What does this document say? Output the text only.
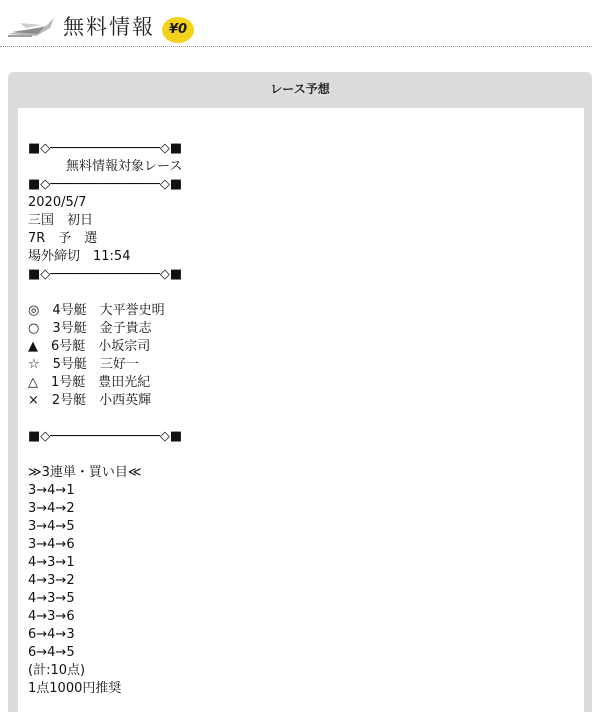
無料情報	¥0
レース予想
■◇──────────────◇■
無料情報対象レース
■◇──────────────◇■
2020/5/7
三国　初日
7R　予　選
場外締切　11:54
■◇──────────────◇■
◎　4号艇　大平誉史明
○　3号艇　金子貴志
▲　6号艇　小坂宗司
☆　5号艇　三好一
△　1号艇　豊田光紀
×　2号艇　小西英輝
■◇──────────────◇■
≫3連単・買い目≪
3→4→1
3→4→2
3→4→5
3→4→6
4→3→1
4→3→2
4→3→5
4→3→6
6→4→3
6→4→5
(計:10点)
1点1000円推奨
